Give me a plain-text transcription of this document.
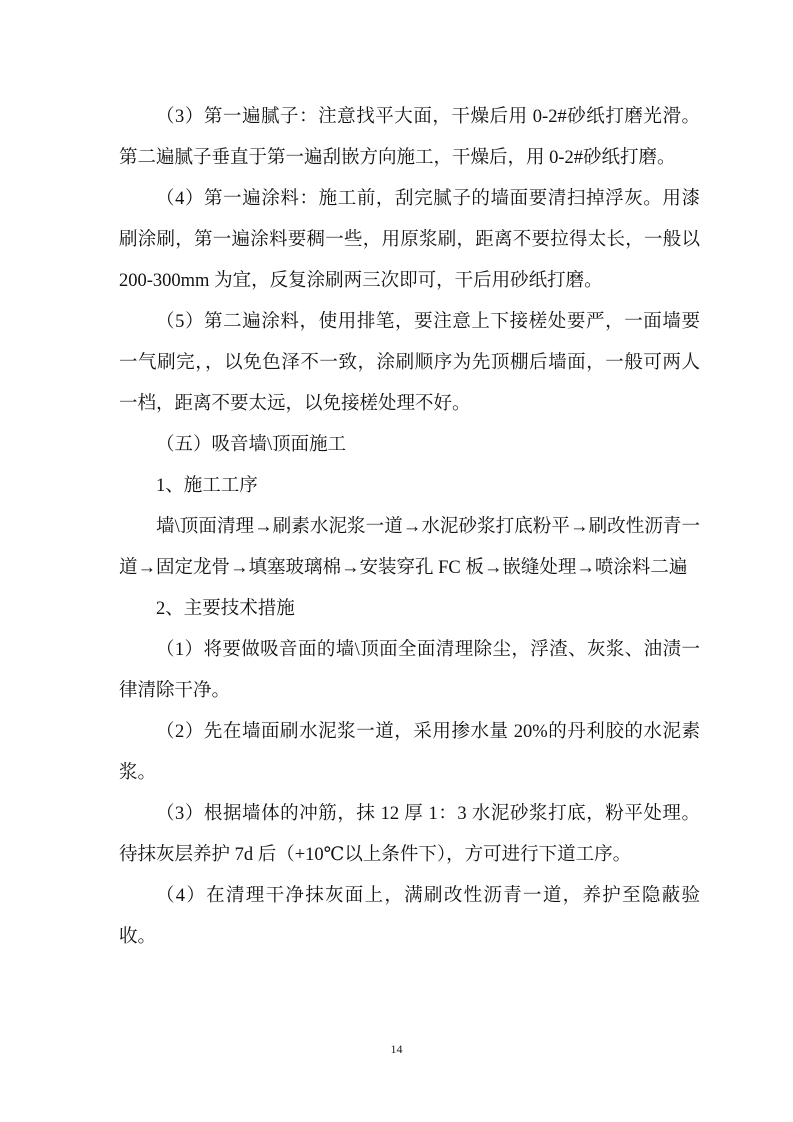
（3）第一遍腻子：注意找平大面，干燥后用 0-2#砂纸打磨光滑。第二遍腻子垂直于第一遍刮嵌方向施工，干燥后，用 0-2#砂纸打磨。

（4）第一遍涂料：施工前，刮完腻子的墙面要清扫掉浮灰。用漆刷涂刷，第一遍涂料要稠一些，用原浆刷，距离不要拉得太长，一般以 200-300mm 为宜，反复涂刷两三次即可，干后用砂纸打磨。

（5）第二遍涂料，使用排笔，要注意上下接槎处要严，一面墙要一气刷完，，以免色泽不一致，涂刷顺序为先顶棚后墙面，一般可两人一档，距离不要太远，以免接槎处理不好。

（五）吸音墙\顶面施工

1、施工工序

墙\顶面清理→刷素水泥浆一道→水泥砂浆打底粉平→刷改性沥青一道→固定龙骨→填塞玻璃棉→安装穿孔 FC 板→嵌缝处理→喷涂料二遍

2、主要技术措施

（1）将要做吸音面的墙\顶面全面清理除尘，浮渣、灰浆、油渍一律清除干净。

（2）先在墙面刷水泥浆一道，采用掺水量 20%的丹利胶的水泥素浆。

（3）根据墙体的冲筋，抹 12 厚 1：3 水泥砂浆打底，粉平处理。待抹灰层养护 7d 后（+10℃以上条件下），方可进行下道工序。

（4）在清理干净抹灰面上，满刷改性沥青一道，养护至隐蔽验收。

14
